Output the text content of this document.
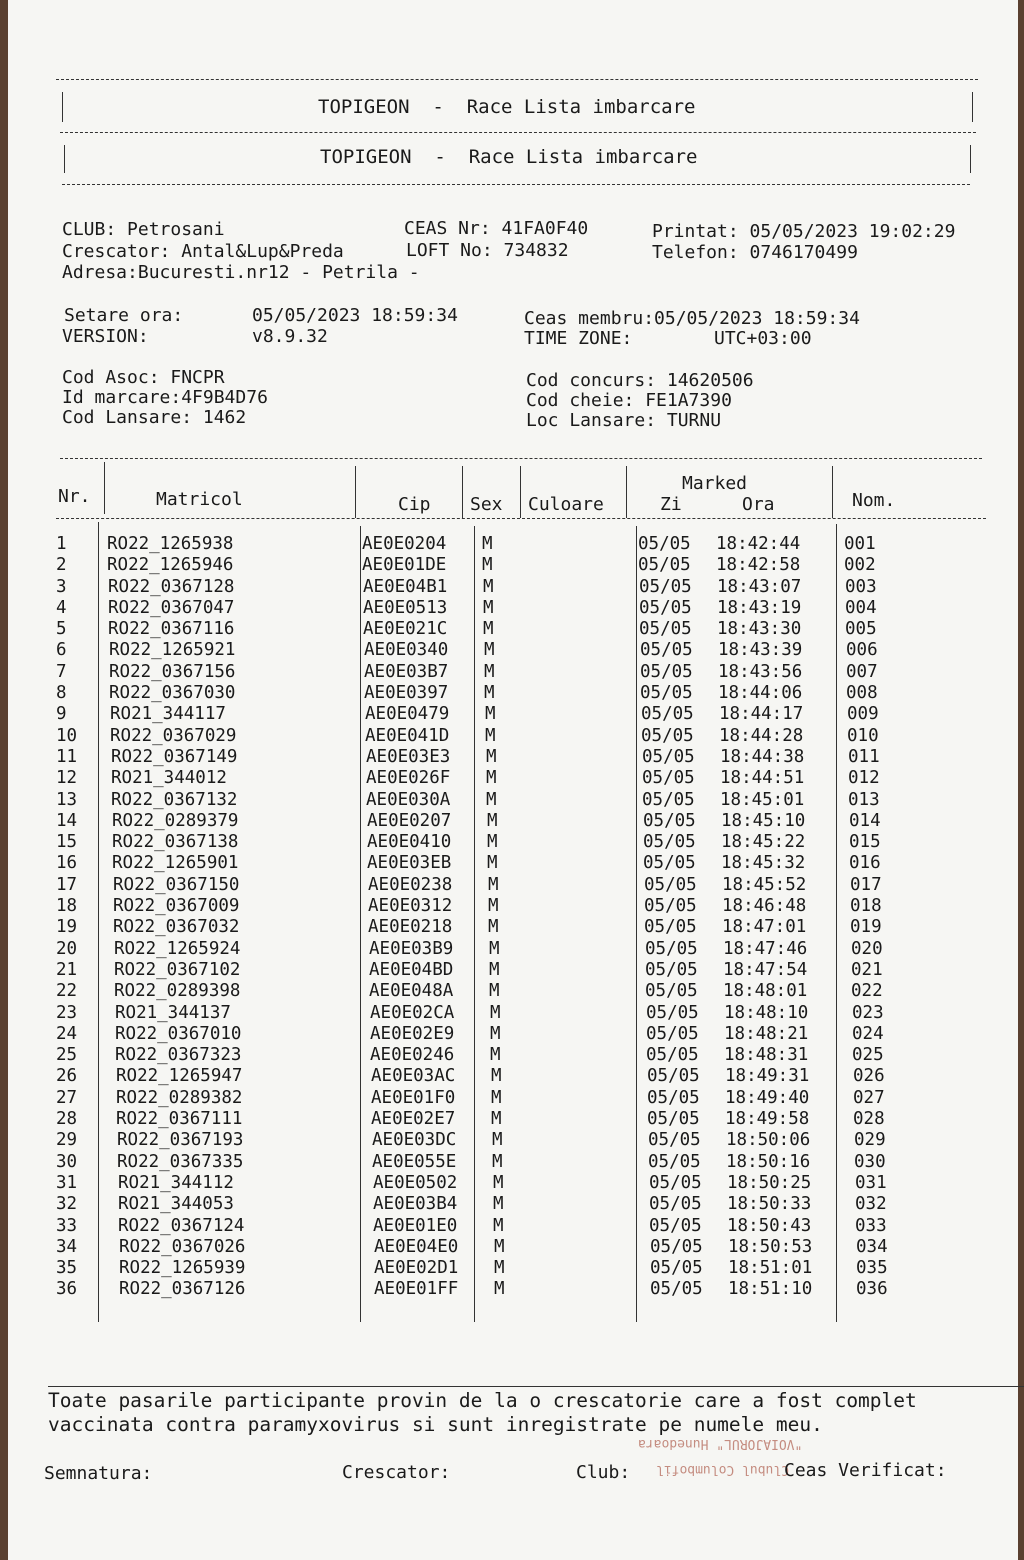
TOPIGEON  -  Race Lista imbarcare
TOPIGEON  -  Race Lista imbarcare
CLUB: Petrosani
Crescator: Antal&Lup&Preda
Adresa:Bucuresti.nr12 - Petrila -
CEAS Nr: 41FA0F40
LOFT No: 734832
Printat: 05/05/2023 19:02:29
Telefon: 0746170499
Setare ora:	05/05/2023 18:59:34
VERSION:	v8.9.32
Ceas membru:05/05/2023 18:59:34
TIME ZONE:	UTC+03:00
Cod Asoc: FNCPR
Id marcare:4F9B4D76
Cod Lansare: 1462
Cod concurs: 14620506
Cod cheie: FE1A7390
Loc Lansare: TURNU
Nr.	Matricol	Cip Sex Culoare
Marked
Zi	Ora	Nom.
1 RO22_1265938	AE0E0204 M	05/05 18:42:44 001
2 RO22_1265946	AE0E01DE M	05/05 18:42:58 002
3 RO22_0367128	AE0E04B1 M	05/05 18:43:07 003
4 RO22_0367047	AE0E0513 M	05/05 18:43:19 004
5 RO22_0367116	AE0E021C M	05/05 18:43:30 005
6 RO22_1265921	AE0E0340 M	05/05 18:43:39 006
7 RO22_0367156	AE0E03B7 M	05/05 18:43:56 007
8 RO22_0367030	AE0E0397 M	05/05 18:44:06 008
9 RO21_344117	AE0E0479 M	05/05 18:44:17 009
10 RO22_0367029	AE0E041D M	05/05 18:44:28 010
11 RO22_0367149	AE0E03E3 M	05/05 18:44:38 011
12 RO21_344012	AE0E026F M	05/05 18:44:51 012
13 RO22_0367132	AE0E030A M	05/05 18:45:01 013
14 RO22_0289379	AE0E0207 M	05/05 18:45:10 014
15 RO22_0367138	AE0E0410 M	05/05 18:45:22 015
16 RO22_1265901	AE0E03EB M	05/05 18:45:32 016
17 RO22_0367150	AE0E0238 M	05/05 18:45:52 017
18 RO22_0367009	AE0E0312 M	05/05 18:46:48 018
19 RO22_0367032	AE0E0218 M	05/05 18:47:01 019
20 RO22_1265924	AE0E03B9 M	05/05 18:47:46 020
21 RO22_0367102	AE0E04BD M	05/05 18:47:54 021
22 RO22_0289398	AE0E048A M	05/05 18:48:01 022
23 RO21_344137	AE0E02CA M	05/05 18:48:10 023
24 RO22_0367010	AE0E02E9 M	05/05 18:48:21 024
25 RO22_0367323	AE0E0246 M	05/05 18:48:31 025
26 RO22_1265947	AE0E03AC M	05/05 18:49:31 026
27 RO22_0289382	AE0E01F0 M	05/05 18:49:40 027
28 RO22_0367111	AE0E02E7 M	05/05 18:49:58 028
29 RO22_0367193	AE0E03DC M	05/05 18:50:06 029
30 RO22_0367335	AE0E055E M	05/05 18:50:16 030
31 RO21_344112	AE0E0502 M	05/05 18:50:25 031
32 RO21_344053	AE0E03B4 M	05/05 18:50:33 032
33 RO22_0367124	AE0E01E0 M	05/05 18:50:43 033
34 RO22_0367026	AE0E04E0 M	05/05 18:50:53 034
35 RO22_1265939	AE0E02D1 M	05/05 18:51:01 035
36 RO22_0367126	AE0E01FF M	05/05 18:51:10 036
Toate pasarile participante provin de la o crescatorie care a fost complet
vaccinata contra paramyxovirus si sunt inregistrate pe numele meu.
"VOIAJORUL" Hunedoara
Clubul Columbofil
Semnatura:	Crescator:	Club:	Ceas Verificat:
